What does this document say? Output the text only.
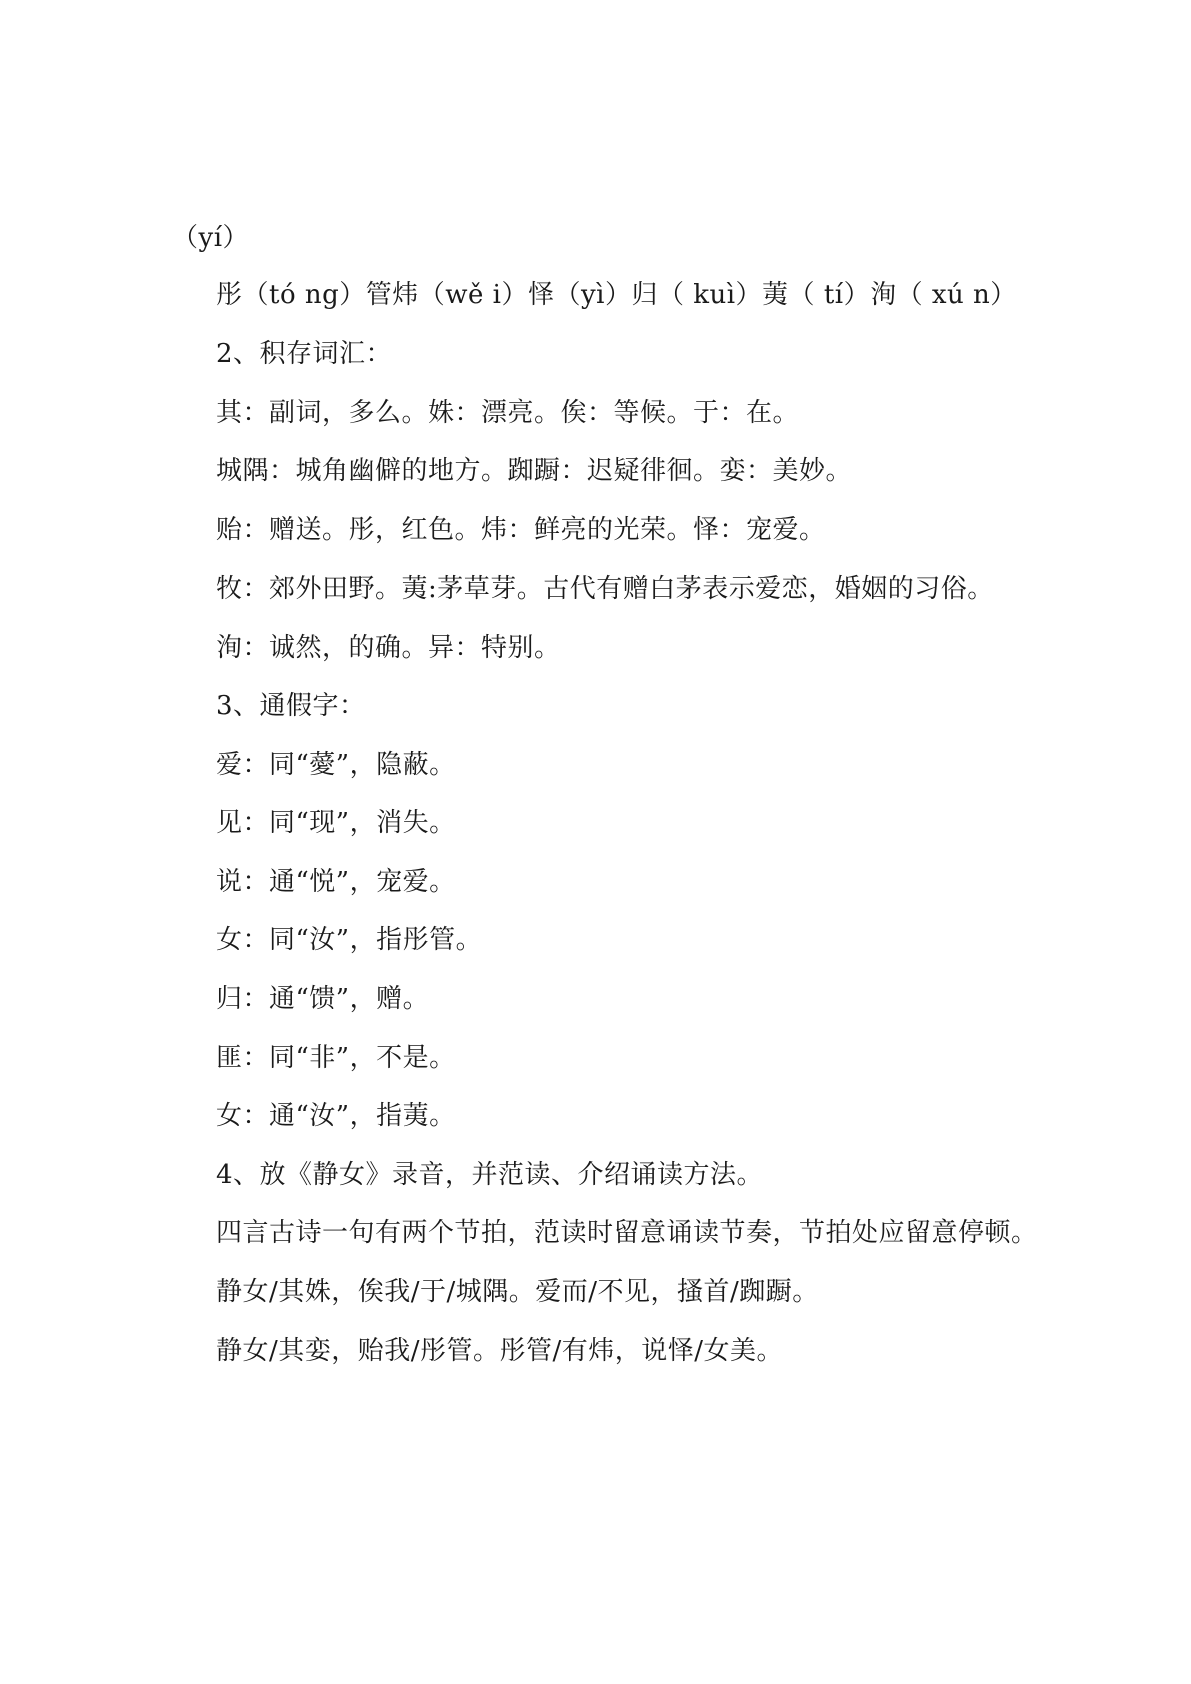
（yí）
彤（tó ng）管炜（wě i）怿（yì）归（ kuì）荑（ tí）洵（ xú n）
2、积存词汇：
其：副词，多么。姝：漂亮。俟：等候。于：在。
城隅：城角幽僻的地方。踟蹰：迟疑徘徊。娈：美妙。
贻：赠送。彤，红色。炜：鲜亮的光荣。怿：宠爱。
牧：郊外田野。荑:茅草芽。古代有赠白茅表示爱恋，婚姻的习俗。
洵：诚然，的确。异：特别。
3、通假字：
爱：同“薆”，隐蔽。
见：同“现”，消失。
说：通“悦”，宠爱。
女：同“汝”，指彤管。
归：通“馈”，赠。
匪：同“非”，不是。
女：通“汝”，指荑。
4、放《静女》录音，并范读、介绍诵读方法。
四言古诗一句有两个节拍，范读时留意诵读节奏，节拍处应留意停顿。
静女/其姝，俟我/于/城隅。爱而/不见，搔首/踟蹰。
静女/其娈，贻我/彤管。彤管/有炜，说怿/女美。
